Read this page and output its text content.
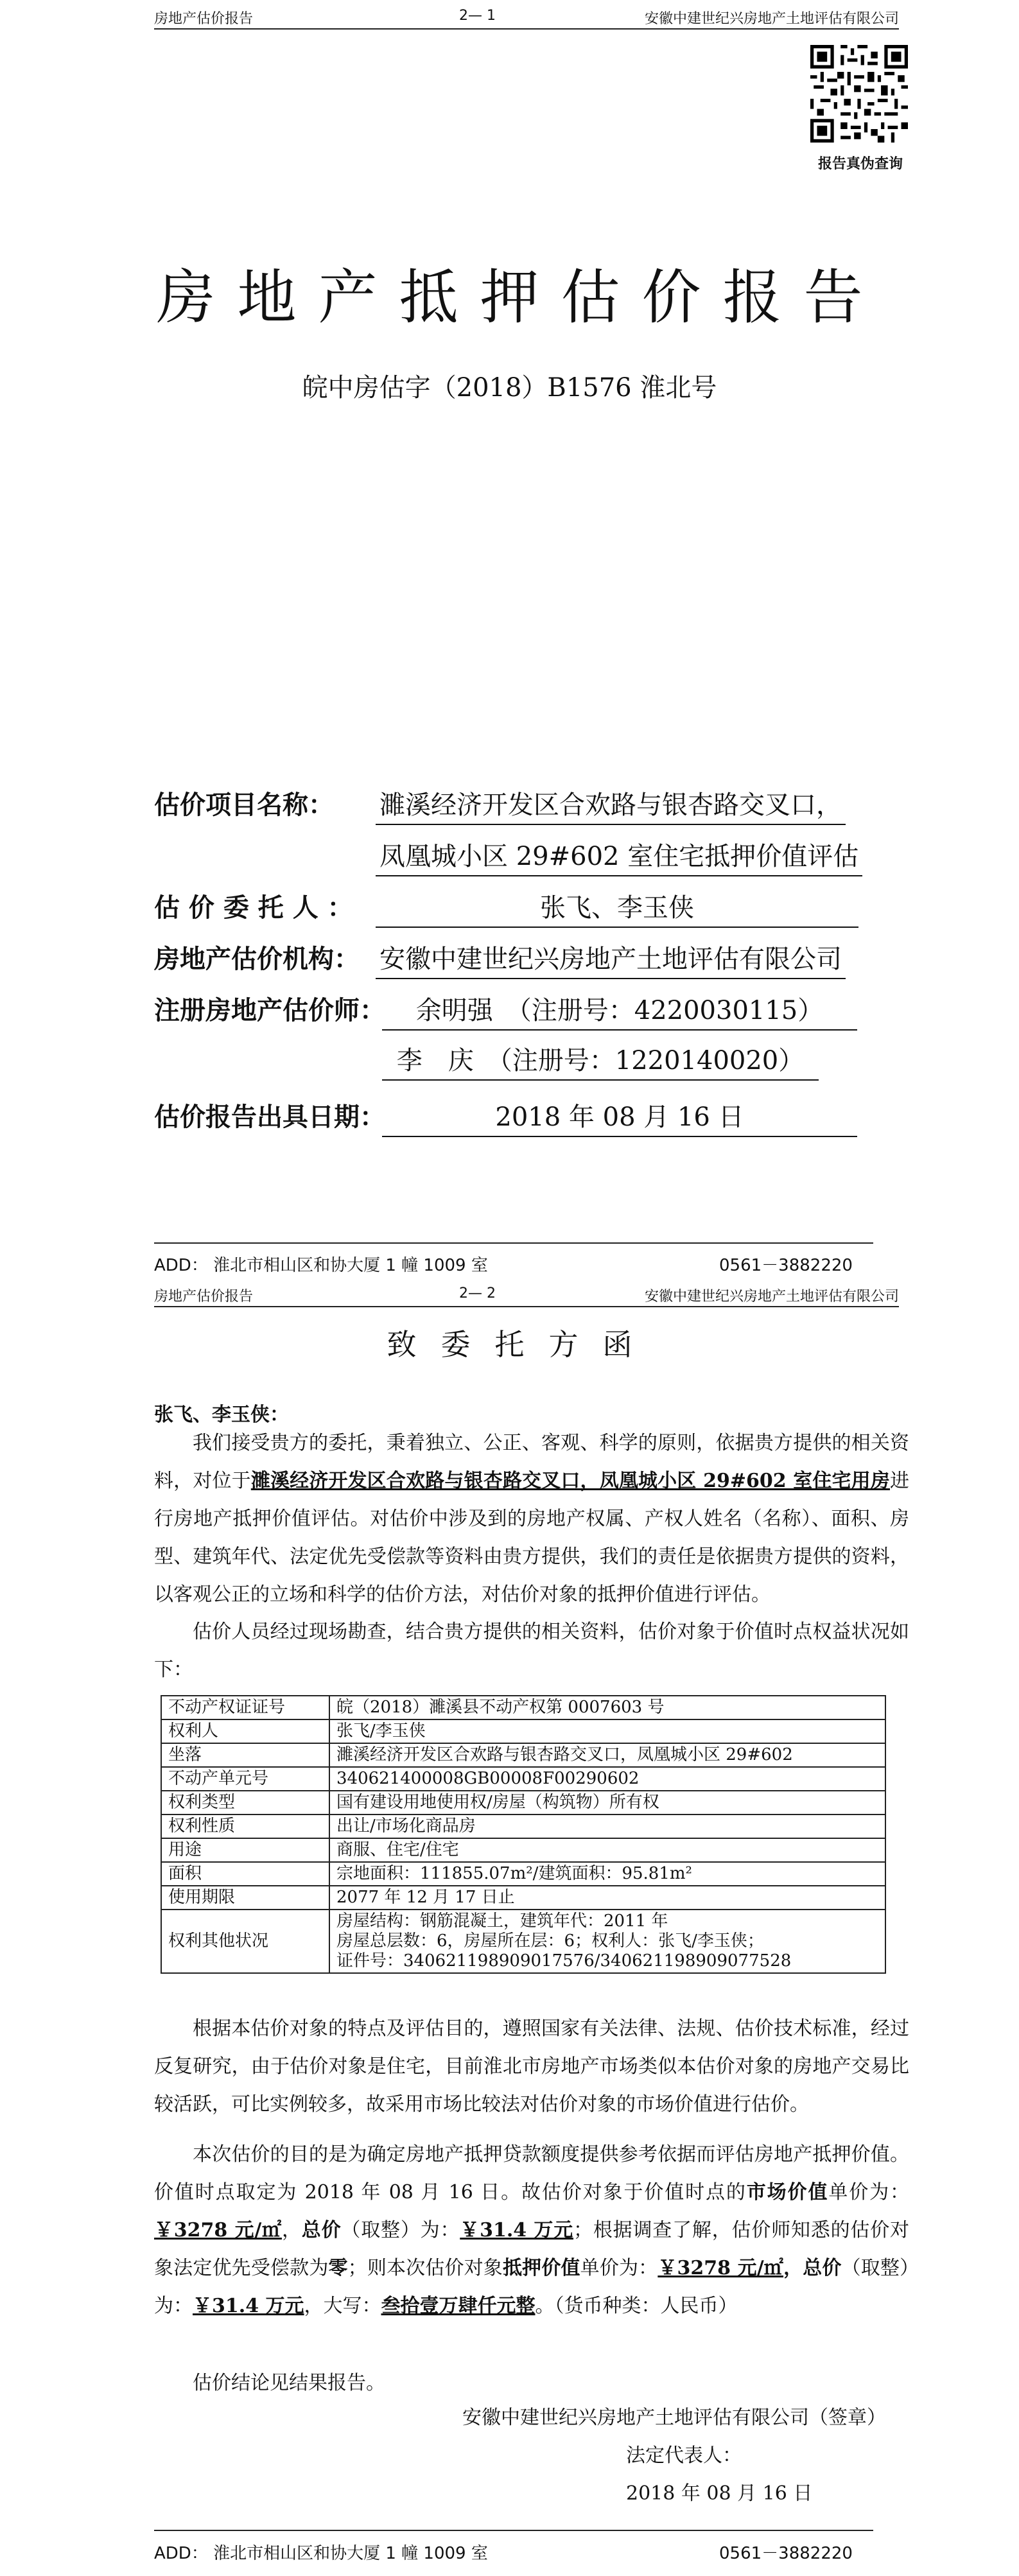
房地产估价报告	2— 1	安徽中建世纪兴房地产土地评估有限公司
报告真伪查询
房地产抵押估价报告
皖中房估字（2018）B1576 淮北号
估价项目名称： 濉溪经济开发区合欢路与银杏路交叉口，
凤凰城小区 29#602 室住宅抵押价值评估
估 价 委 托 人 ：	张飞、李玉侠
房地产估价机构： 安徽中建世纪兴房地产土地评估有限公司
注册房地产估价师： 余明强　（注册号：4220030115）
李　庆　（注册号：1220140020）
估价报告出具日期：	2018 年 08 月 16 日
ADD： 淮北市相山区和协大厦 1 幢 1009 室	0561－3882220
房地产估价报告	2— 2	安徽中建世纪兴房地产土地评估有限公司
致委托方函
张飞、李玉侠：
我们接受贵方的委托，秉着独立、公正、客观、科学的原则，依据贵方提供的相关资料，对位于濉溪经济开发区合欢路与银杏路交叉口，凤凰城小区 29#602 室住宅用房进行房地产抵押价值评估。对估价中涉及到的房地产权属、产权人姓名（名称）、面积、房型、建筑年代、法定优先受偿款等资料由贵方提供，我们的责任是依据贵方提供的资料，以客观公正的立场和科学的估价方法，对估价对象的抵押价值进行评估。
估价人员经过现场勘查，结合贵方提供的相关资料，估价对象于价值时点权益状况如下：
不动产权证证号	皖（2018）濉溪县不动产权第 0007603 号

权利人	张飞/李玉侠

坐落	濉溪经济开发区合欢路与银杏路交叉口，凤凰城小区 29#602

不动产单元号	340621400008GB00008F00290602

权利类型	国有建设用地使用权/房屋（构筑物）所有权

权利性质	出让/市场化商品房

用途	商服、住宅/住宅

面积	宗地面积：111855.07m²/建筑面积：95.81m²

使用期限	2077 年 12 月 17 日止

权利其他状况	房屋结构：钢筋混凝土，建筑年代：2011 年
房屋总层数：6，房屋所在层：6；权利人：张飞/李玉侠；
证件号：340621198909017576/340621198909077528
根据本估价对象的特点及评估目的，遵照国家有关法律、法规、估价技术标准，经过反复研究，由于估价对象是住宅，目前淮北市房地产市场类似本估价对象的房地产交易比较活跃，可比实例较多，故采用市场比较法对估价对象的市场价值进行估价。
本次估价的目的是为确定房地产抵押贷款额度提供参考依据而评估房地产抵押价值。价值时点取定为 2018 年 08 月 16 日。故估价对象于价值时点的市场价值单价为：￥3278 元/㎡，总价（取整）为：￥31.4 万元；根据调查了解，估价师知悉的估价对象法定优先受偿款为零；则本次估价对象抵押价值单价为：￥3278 元/㎡，总价（取整）为：￥31.4 万元，大写：叁拾壹万肆仟元整。（货币种类：人民币）
估价结论见结果报告。
安徽中建世纪兴房地产土地评估有限公司（签章）
法定代表人：
2018 年 08 月 16 日
ADD： 淮北市相山区和协大厦 1 幢 1009 室	0561－3882220
